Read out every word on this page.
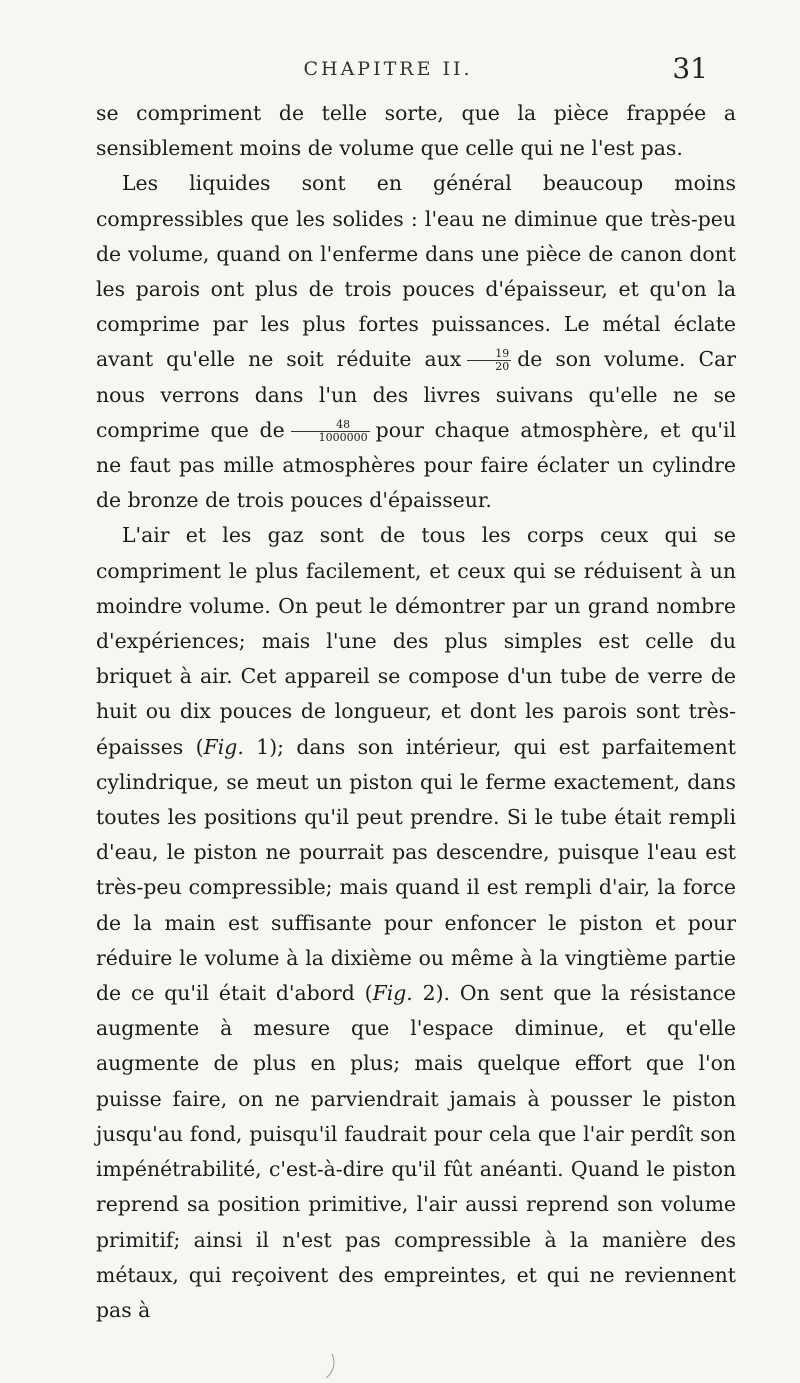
CHAPITRE II.	31

se compriment de telle sorte, que la pièce frappée a sensiblement moins de volume que celle qui ne l'est pas.

Les liquides sont en général beaucoup moins compressibles que les solides : l'eau ne diminue que très-peu de volume, quand on l'enferme dans une pièce de canon dont les parois ont plus de trois pouces d'épaisseur, et qu'on la comprime par les plus fortes puissances. Le métal éclate avant qu'elle ne soit réduite aux $\frac{19}{20}$ de son volume. Car nous verrons dans l'un des livres suivans qu'elle ne se comprime que de $\frac{48}{1000000}$ pour chaque atmosphère, et qu'il ne faut pas mille atmosphères pour faire éclater un cylindre de bronze de trois pouces d'épaisseur.

L'air et les gaz sont de tous les corps ceux qui se compriment le plus facilement, et ceux qui se réduisent à un moindre volume. On peut le démontrer par un grand nombre d'expériences; mais l'une des plus simples est celle du briquet à air. Cet appareil se compose d'un tube de verre de huit ou dix pouces de longueur, et dont les parois sont très-épaisses (Fig. 1); dans son intérieur, qui est parfaitement cylindrique, se meut un piston qui le ferme exactement, dans toutes les positions qu'il peut prendre. Si le tube était rempli d'eau, le piston ne pourrait pas descendre, puisque l'eau est très-peu compressible; mais quand il est rempli d'air, la force de la main est suffisante pour enfoncer le piston et pour réduire le volume à la dixième ou même à la vingtième partie de ce qu'il était d'abord (Fig. 2). On sent que la résistance augmente à mesure que l'espace diminue, et qu'elle augmente de plus en plus; mais quelque effort que l'on puisse faire, on ne parviendrait jamais à pousser le piston jusqu'au fond, puisqu'il faudrait pour cela que l'air perdît son impénétrabilité, c'est-à-dire qu'il fût anéanti. Quand le piston reprend sa position primitive, l'air aussi reprend son volume primitif; ainsi il n'est pas compressible à la manière des métaux, qui reçoivent des empreintes, et qui ne reviennent pas à
